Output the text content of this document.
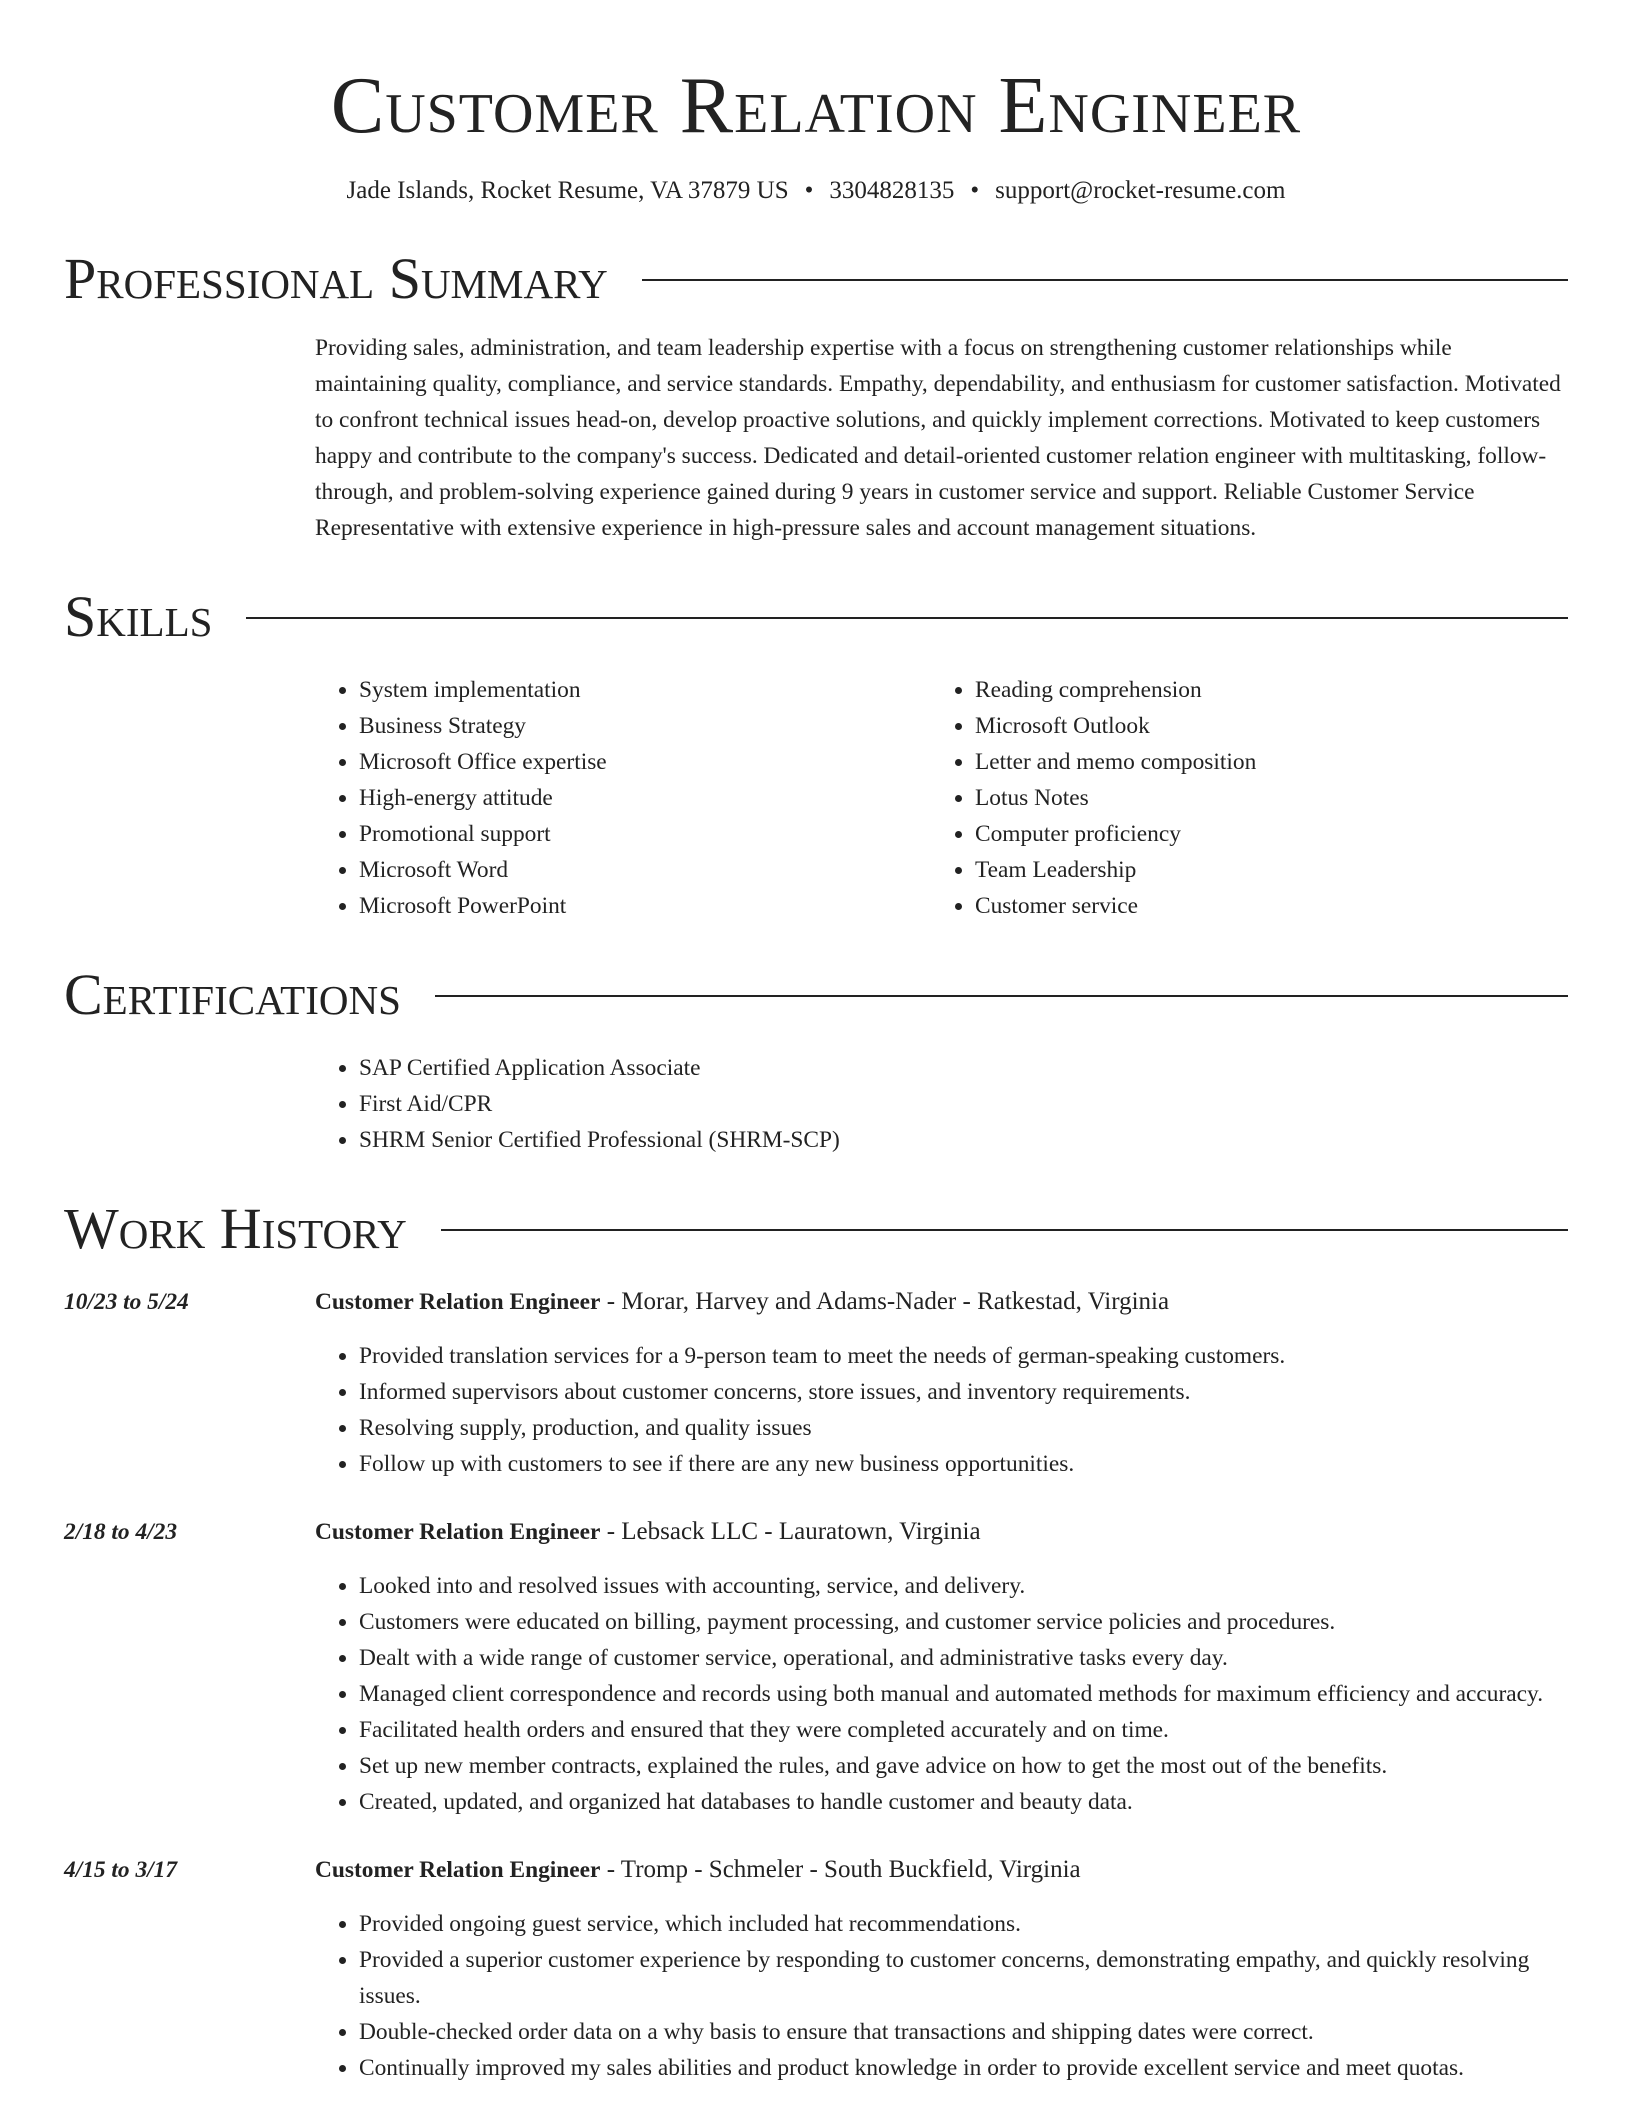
Customer Relation Engineer
Jade Islands, Rocket Resume, VA 37879 US • 3304828135 • support@rocket-resume.com
Professional Summary

Providing sales, administration, and team leadership expertise with a focus on strengthening customer relationships while maintaining quality, compliance, and service standards. Empathy, dependability, and enthusiasm for customer satisfaction. Motivated to confront technical issues head-on, develop proactive solutions, and quickly implement corrections. Motivated to keep customers happy and contribute to the company's success. Dedicated and detail-oriented customer relation engineer with multitasking, follow-through, and problem-solving experience gained during 9 years in customer service and support. Reliable Customer Service Representative with extensive experience in high-pressure sales and account management situations.

Skills
• System implementation
• Business Strategy
• Microsoft Office expertise
• High-energy attitude
• Promotional support
• Microsoft Word
• Microsoft PowerPoint
• Reading comprehension
• Microsoft Outlook
• Letter and memo composition
• Lotus Notes
• Computer proficiency
• Team Leadership
• Customer service
Certifications
• SAP Certified Application Associate
• First Aid/CPR
• SHRM Senior Certified Professional (SHRM-SCP)
Work History
10/23 to 5/24	Customer Relation Engineer - Morar, Harvey and Adams-Nader - Ratkestad, Virginia
• Provided translation services for a 9-person team to meet the needs of german-speaking customers.
• Informed supervisors about customer concerns, store issues, and inventory requirements.
• Resolving supply, production, and quality issues
• Follow up with customers to see if there are any new business opportunities.
2/18 to 4/23	Customer Relation Engineer - Lebsack LLC - Lauratown, Virginia
• Looked into and resolved issues with accounting, service, and delivery.
• Customers were educated on billing, payment processing, and customer service policies and procedures.
• Dealt with a wide range of customer service, operational, and administrative tasks every day.
• Managed client correspondence and records using both manual and automated methods for maximum efficiency and accuracy.
• Facilitated health orders and ensured that they were completed accurately and on time.
• Set up new member contracts, explained the rules, and gave advice on how to get the most out of the benefits.
• Created, updated, and organized hat databases to handle customer and beauty data.
4/15 to 3/17	Customer Relation Engineer - Tromp - Schmeler - South Buckfield, Virginia
• Provided ongoing guest service, which included hat recommendations.
• Provided a superior customer experience by responding to customer concerns, demonstrating empathy, and quickly resolving issues.
• Double-checked order data on a why basis to ensure that transactions and shipping dates were correct.
• Continually improved my sales abilities and product knowledge in order to provide excellent service and meet quotas.
